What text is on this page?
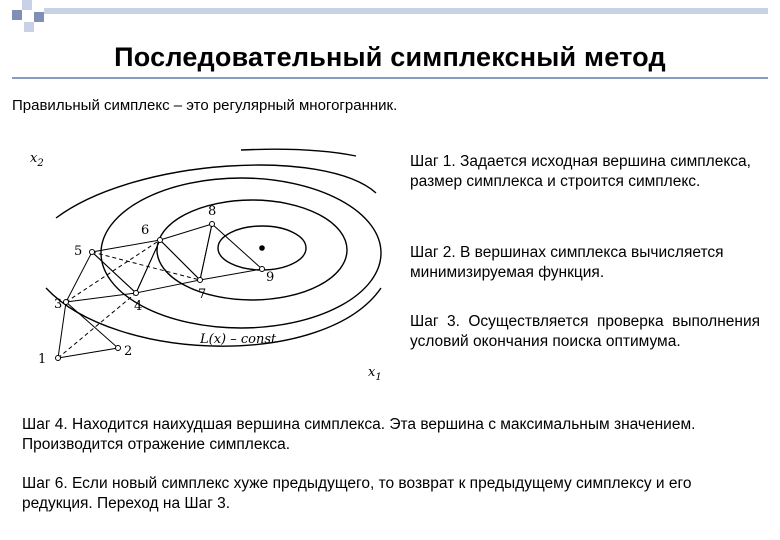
Последовательный симплексный метод
Правильный симплекс – это регулярный многогранник.
1
2
3	4
5
6
7
8
9
$x_2$
$x_1$
L(x) – const
Шаг 1. Задается исходная вершина симплекса, размер симплекса и строится симплекс.
Шаг 2. В вершинах симплекса вычисляется минимизируемая функция.
Шаг 3. Осуществляется проверка выполнения условий окончания поиска оптимума.
Шаг 4. Находится наихудшая вершина симплекса. Эта вершина с максимальным значением. Производится отражение симплекса.
Шаг 6. Если новый симплекс хуже предыдущего, то возврат к предыдущему симплексу и его редукция. Переход на Шаг 3.
